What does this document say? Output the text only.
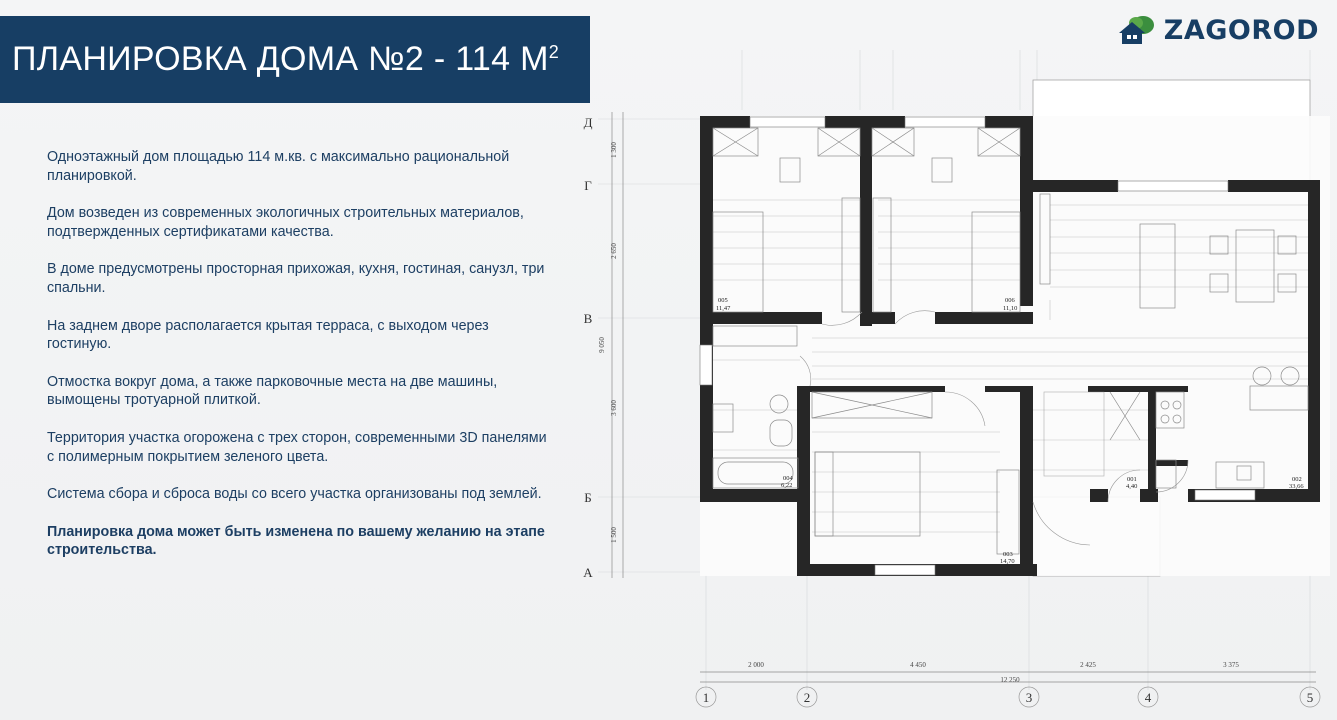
ПЛАНИРОВКА ДОМА №2 - 114 $М^2$
ZAGOROD

Одноэтажный дом площадью 114 м.кв. с максимально рациональной планировкой.

Дом возведен из современных экологичных строительных материалов, подтвержденных сертификатами качества.

В доме предусмотрены просторная прихожая, кухня, гостиная, санузл, три спальни.

На заднем дворе располагается крытая терраса, с выходом через гостиную.

Отмостка вокруг дома, а также парковочные места на две машины, вымощены тротуарной плиткой.

Территория участка огорожена с трех сторон, современными 3D панелями с полимерным покрытием зеленого цвета.

Система сбора и сброса воды со всего участка организованы под землей.

Планировка дома может быть изменена по вашему желанию на этапе строительства.

1 300
2 650
9 050
3 600
1 500
2 000	4 450	2 425	3 375
12 250
Д
Г
В
Б
А
1	2	3	4	5
005
11,47
006
11,10
004
6,22
003
14,70
001
4,40
002
33,66
